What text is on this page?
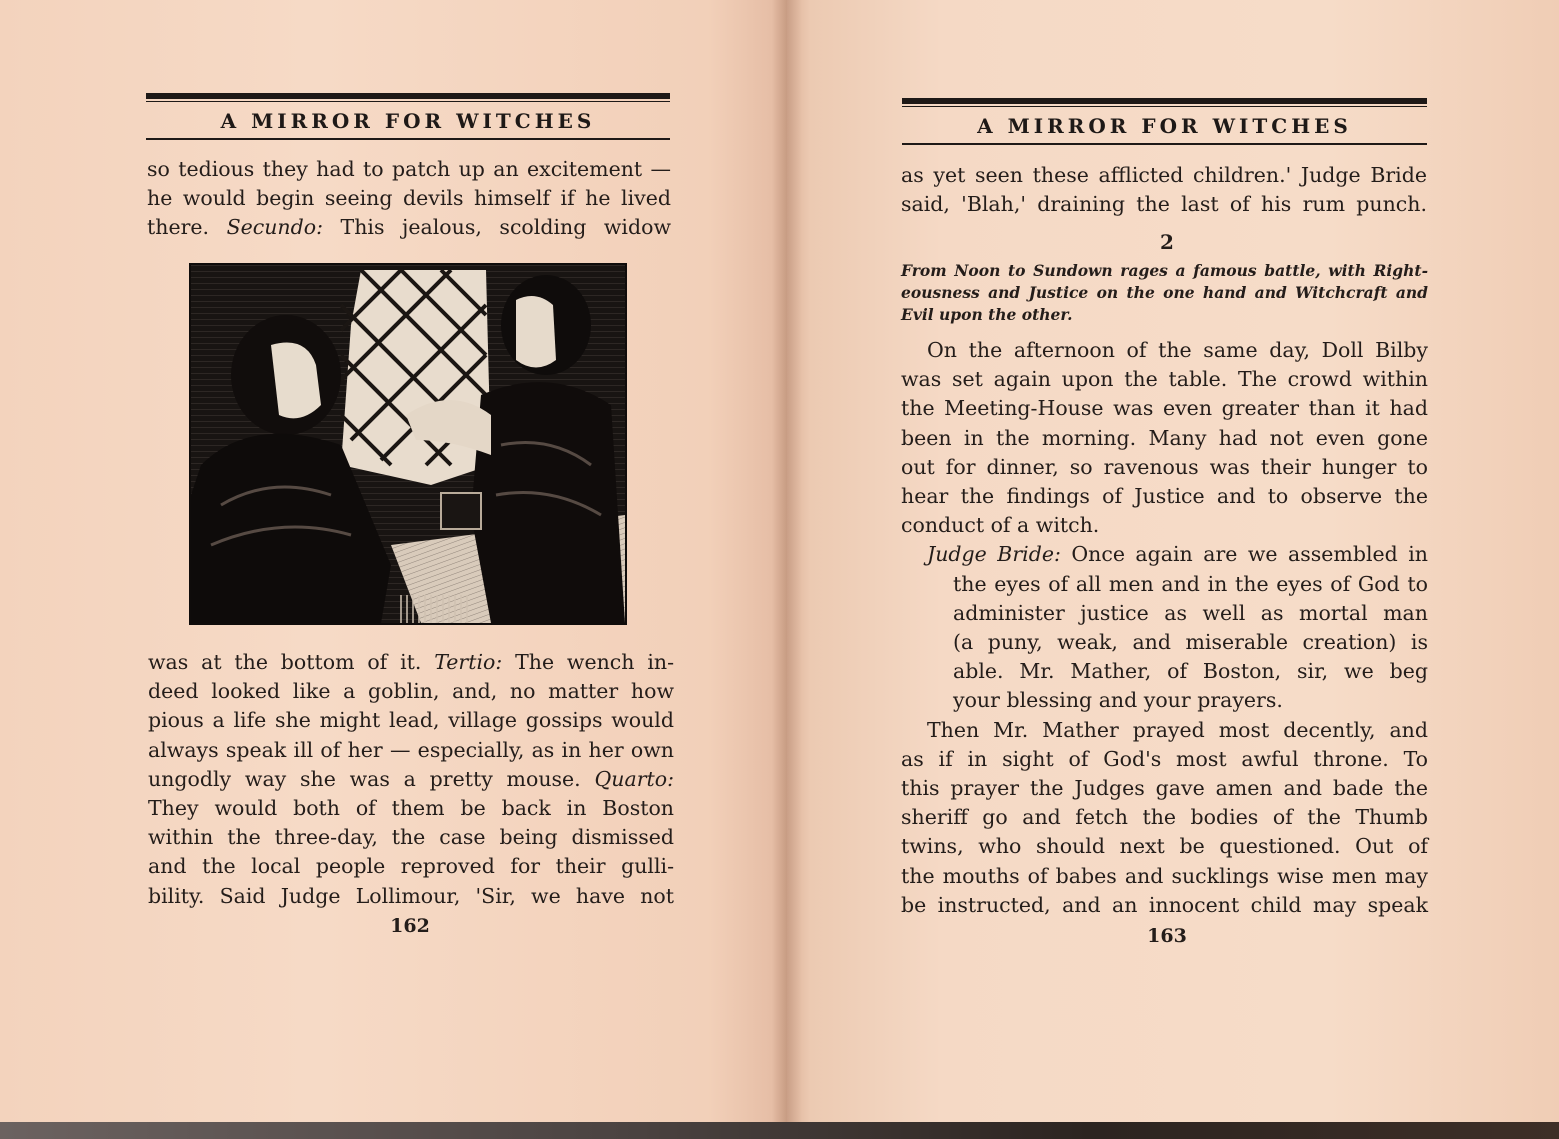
A MIRROR FOR WITCHES
so tedious they had to patch up an excitement —
he would begin seeing devils himself if he lived
there. Secundo: This jealous, scolding widow
was at the bottom of it. Tertio: The wench in-
deed looked like a goblin, and, no matter how
pious a life she might lead, village gossips would
always speak ill of her — especially, as in her own
ungodly way she was a pretty mouse. Quarto:
They would both of them be back in Boston
within the three-day, the case being dismissed
and the local people reproved for their gulli-
bility. Said Judge Lollimour, 'Sir, we have not
162
A MIRROR FOR WITCHES
as yet seen these afflicted children.' Judge Bride
said, 'Blah,' draining the last of his rum punch.
2
From Noon to Sundown rages a famous battle, with Right-
eousness and Justice on the one hand and Witchcraft and
Evil upon the other.
On the afternoon of the same day, Doll Bilby
was set again upon the table. The crowd within
the Meeting-House was even greater than it had
been in the morning. Many had not even gone
out for dinner, so ravenous was their hunger to
hear the findings of Justice and to observe the
conduct of a witch.
Judge Bride: Once again are we assembled in
the eyes of all men and in the eyes of God to
administer justice as well as mortal man
(a puny, weak, and miserable creation) is
able. Mr. Mather, of Boston, sir, we beg
your blessing and your prayers.
Then Mr. Mather prayed most decently, and
as if in sight of God's most awful throne. To
this prayer the Judges gave amen and bade the
sheriff go and fetch the bodies of the Thumb
twins, who should next be questioned. Out of
the mouths of babes and sucklings wise men may
be instructed, and an innocent child may speak
163
